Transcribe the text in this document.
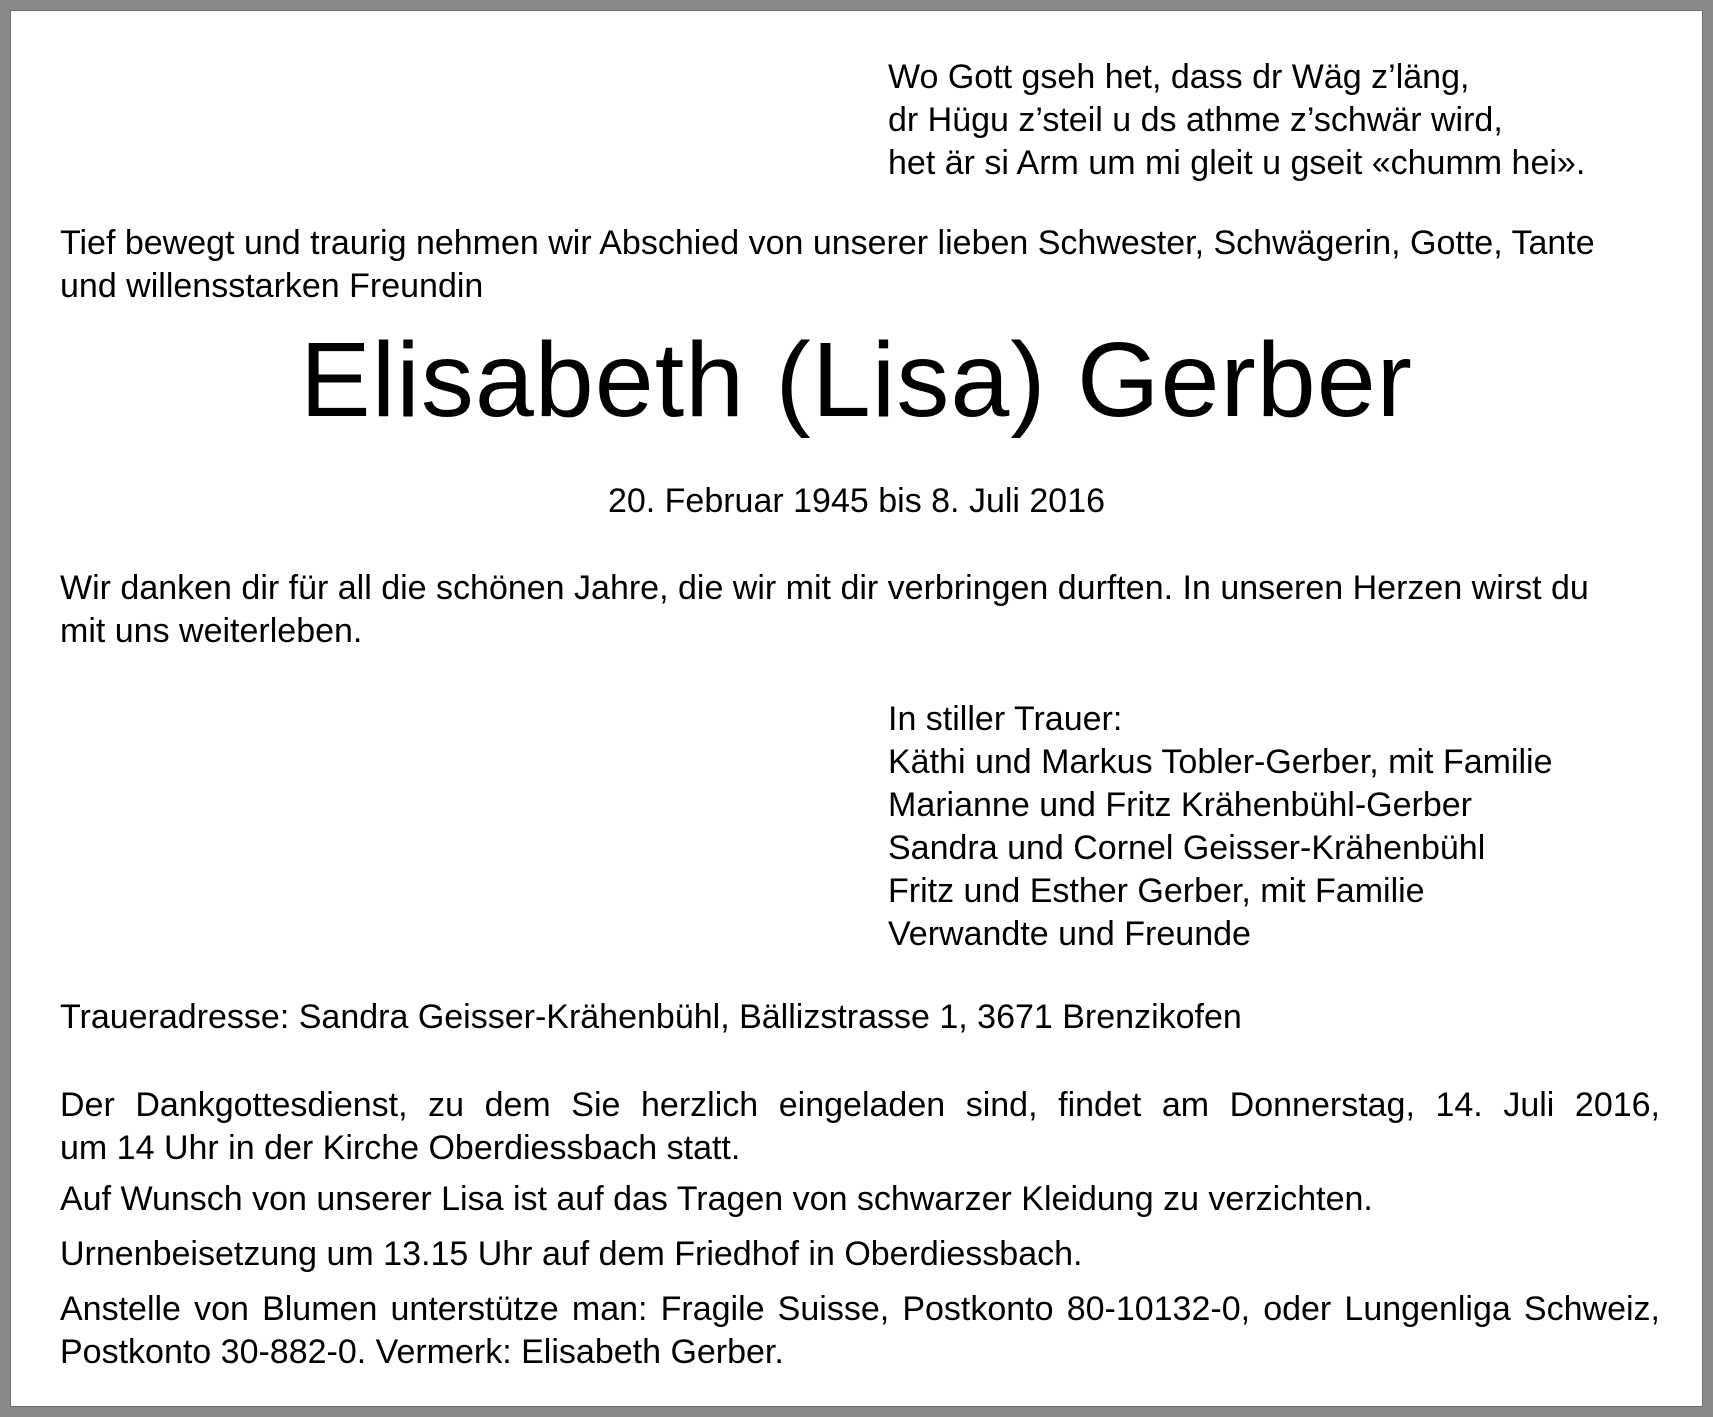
Wo Gott gseh het, dass dr Wäg z’läng,
dr Hügu z’steil u ds athme z’schwär wird,
het är si Arm um mi gleit u gseit «chumm hei».
Tief bewegt und traurig nehmen wir Abschied von unserer lieben Schwester, Schwägerin, Gotte, Tante
und willensstarken Freundin
Elisabeth (Lisa) Gerber
20. Februar 1945 bis 8. Juli 2016
Wir danken dir für all die schönen Jahre, die wir mit dir verbringen durften. In unseren Herzen wirst du
mit uns weiterleben.
In stiller Trauer:
Käthi und Markus Tobler-Gerber, mit Familie
Marianne und Fritz Krähenbühl-Gerber
Sandra und Cornel Geisser-Krähenbühl
Fritz und Esther Gerber, mit Familie
Verwandte und Freunde
Traueradresse: Sandra Geisser-Krähenbühl, Bällizstrasse 1, 3671 Brenzikofen
Der Dankgottesdienst, zu dem Sie herzlich eingeladen sind, findet am Donnerstag, 14. Juli 2016,
um 14 Uhr in der Kirche Oberdiessbach statt.
Auf Wunsch von unserer Lisa ist auf das Tragen von schwarzer Kleidung zu verzichten.
Urnenbeisetzung um 13.15 Uhr auf dem Friedhof in Oberdiessbach.
Anstelle von Blumen unterstütze man: Fragile Suisse, Postkonto 80-10132-0, oder Lungenliga Schweiz,
Postkonto 30-882-0. Vermerk: Elisabeth Gerber.
